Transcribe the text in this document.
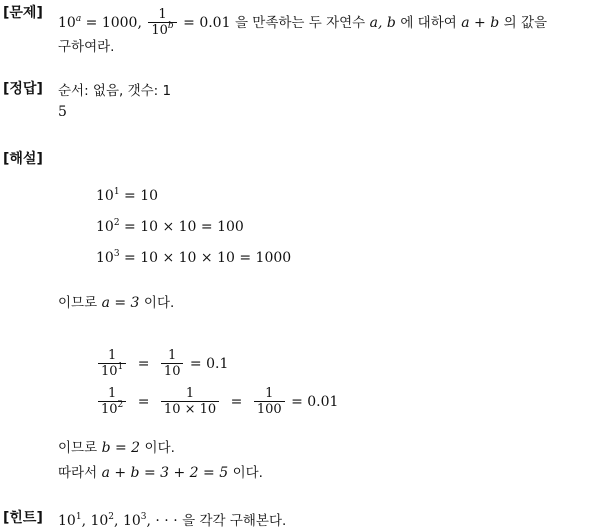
[문제]
$10^a = 1000$, $\frac{1}{10^b} = 0.01$ 을 만족하는 두 자연수 a, b 에 대하여 a + b 의 값을
구하여라.
[정답] 순서: 없음, 갯수: 1
5
[해설]
$10^1 = 10$
$10^2 = 10 \times 10 = 100$
$10^3 = 10 \times 10 \times 10 = 1000$
이므로 a = 3 이다.
$\frac{1}{10^1} = \frac{1}{10} = 0.1$
$\frac{1}{10^2} = \frac{1}{10 \times 10} = \frac{1}{100} = 0.01$
이므로 b = 2 이다.
따라서 a + b = 3 + 2 = 5 이다.
[힌트] $10^1$, $10^2$, $10^3$, · · · 을 각각 구해본다.
